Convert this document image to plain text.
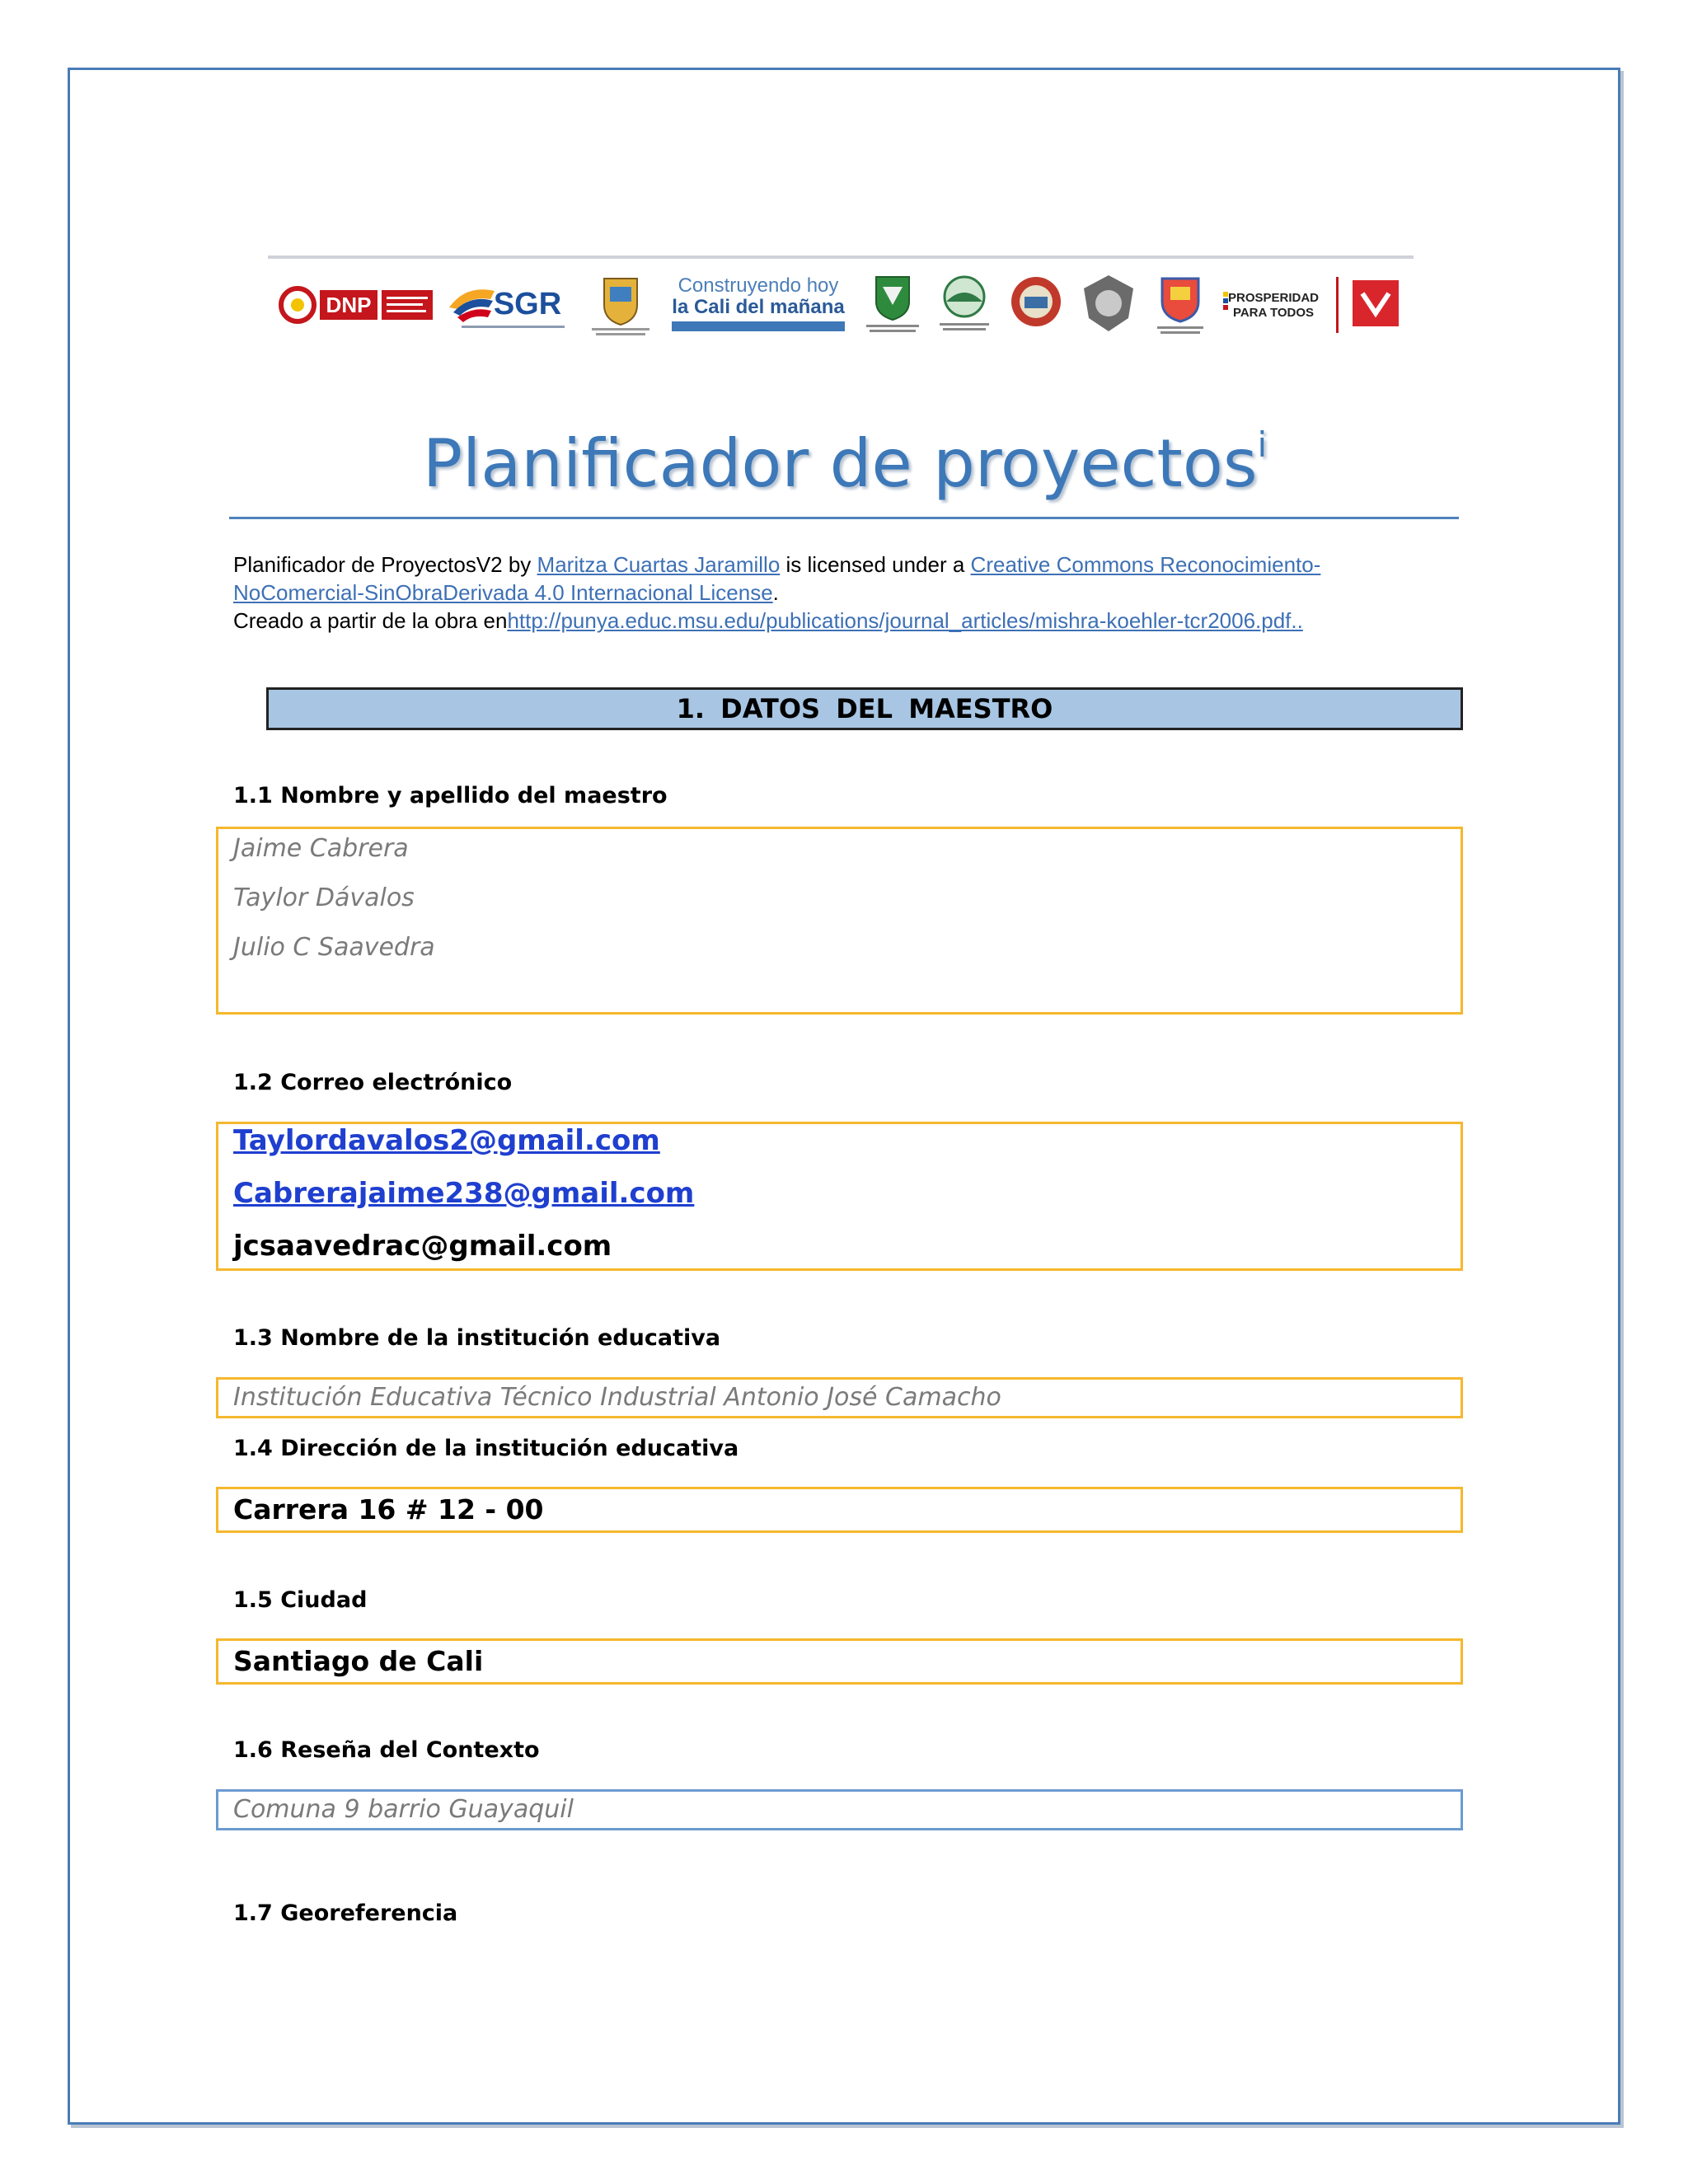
DNP	SGR
Construyendo hoy
la Cali del mañana	PROSPERIDAD
PARA TODOS
Planificador de proyectos$^i$
Planificador de ProyectosV2 by Maritza Cuartas Jaramillo is licensed under a Creative Commons Reconocimiento-
NoComercial-SinObraDerivada 4.0 Internacional License.
Creado a partir de la obra enhttp://punya.educ.msu.edu/publications/journal_articles/mishra-koehler-tcr2006.pdf..
1. DATOS DEL MAESTRO
1.1 Nombre y apellido del maestro
Jaime Cabrera
Taylor Dávalos
Julio C Saavedra
1.2 Correo electrónico
Taylordavalos2@gmail.com
Cabrerajaime238@gmail.com
jcsaavedrac@gmail.com
1.3 Nombre de la institución educativa
Institución Educativa Técnico Industrial Antonio José Camacho
1.4 Dirección de la institución educativa
Carrera 16 # 12 - 00
1.5 Ciudad
Santiago de Cali
1.6 Reseña del Contexto
Comuna 9 barrio Guayaquil
1.7 Georeferencia
